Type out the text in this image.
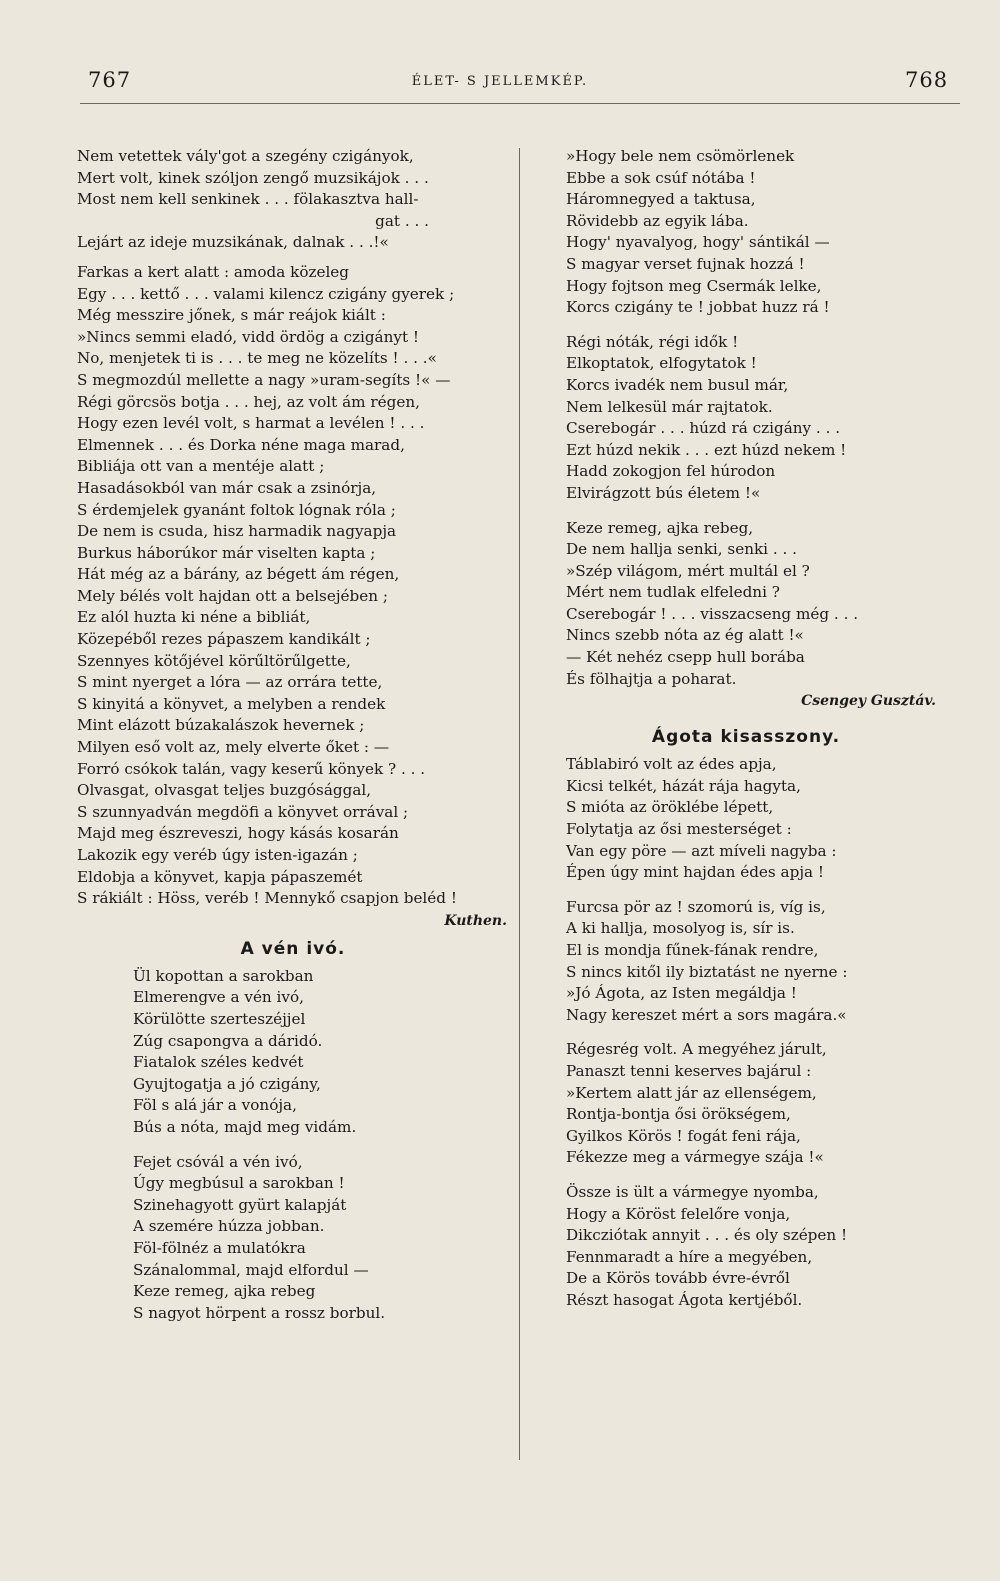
767	ÉLET- S JELLEMKÉP.	768
Nem vetettek vály'got a szegény czigányok,
Mert volt, kinek szóljon zengő muzsikájok . . .
Most nem kell senkinek . . . fölakasztva hall-
gat . . .
Lejárt az ideje muzsikának, dalnak . . .!«
Farkas a kert alatt : amoda közeleg
Egy . . . kettő . . . valami kilencz czigány gyerek ;
Még messzire jőnek, s már reájok kiált :
»Nincs semmi eladó, vidd ördög a czigányt !
No, menjetek ti is . . . te meg ne közelíts ! . . .«
S megmozdúl mellette a nagy »uram-segíts !« —
Régi görcsös botja . . . hej, az volt ám régen,
Hogy ezen levél volt, s harmat a levélen ! . . .
Elmennek . . . és Dorka néne maga marad,
Bibliája ott van a mentéje alatt ;
Hasadásokból van már csak a zsinórja,
S érdemjelek gyanánt foltok lógnak róla ;
De nem is csuda, hisz harmadik nagyapja
Burkus háborúkor már viselten kapta ;
Hát még az a bárány, az bégett ám régen,
Mely bélés volt hajdan ott a belsejében ;
Ez alól huzta ki néne a bibliát,
Közepéből rezes pápaszem kandikált ;
Szennyes kötőjével körűltörűlgette,
S mint nyerget a lóra — az orrára tette,
S kinyitá a könyvet, a melyben a rendek
Mint elázott búzakalászok hevernek ;
Milyen eső volt az, mely elverte őket : —
Forró csókok talán, vagy keserű könyek ? . . .
Olvasgat, olvasgat teljes buzgósággal,
S szunnyadván megdöfi a könyvet orrával ;
Majd meg észreveszi, hogy kásás kosarán
Lakozik egy veréb úgy isten-igazán ;
Eldobja a könyvet, kapja pápaszemét
S rákiált : Höss, veréb ! Mennykő csapjon beléd !
Kuthen.
A vén ivó.
Ül kopottan a sarokban
Elmerengve a vén ivó,
Körülötte szerteszéjjel
Zúg csapongva a dáridó.
Fiatalok széles kedvét
Gyujtogatja a jó czigány,
Föl s alá jár a vonója,
Bús a nóta, majd meg vidám.
Fejet csóvál a vén ivó,
Úgy megbúsul a sarokban !
Szinehagyott gyürt kalapját
A szemére húzza jobban.
Föl-fölnéz a mulatókra
Szánalommal, majd elfordul —
Keze remeg, ajka rebeg
S nagyot hörpent a rossz borbul.
»Hogy bele nem csömörlenek
Ebbe a sok csúf nótába !
Háromnegyed a taktusa,
Rövidebb az egyik lába.
Hogy' nyavalyog, hogy' sántikál —
S magyar verset fujnak hozzá !
Hogy fojtson meg Csermák lelke,
Korcs czigány te ! jobbat huzz rá !
Régi nóták, régi idők !
Elkoptatok, elfogytatok !
Korcs ivadék nem busul már,
Nem lelkesül már rajtatok.
Cserebogár . . . húzd rá czigány . . .
Ezt húzd nekik . . . ezt húzd nekem !
Hadd zokogjon fel húrodon
Elvirágzott bús életem !«
Keze remeg, ajka rebeg,
De nem hallja senki, senki . . .
»Szép világom, mért multál el ?
Mért nem tudlak elfeledni ?
Cserebogár ! . . . visszacseng még . . .
Nincs szebb nóta az ég alatt !«
— Két nehéz csepp hull borába
És fölhajtja a poharat.
Csengey Gusztáv.
Ágota kisasszony.
Táblabiró volt az édes apja,
Kicsi telkét, házát rája hagyta,
S mióta az öröklébe lépett,
Folytatja az ősi mesterséget :
Van egy pöre — azt míveli nagyba :
Épen úgy mint hajdan édes apja !
Furcsa pör az ! szomorú is, víg is,
A ki hallja, mosolyog is, sír is.
El is mondja fűnek-fának rendre,
S nincs kitől ily biztatást ne nyerne :
»Jó Ágota, az Isten megáldja !
Nagy kereszet mért a sors magára.«
Régesrég volt. A megyéhez járult,
Panaszt tenni keserves bajárul :
»Kertem alatt jár az ellenségem,
Rontja-bontja ősi örökségem,
Gyilkos Körös ! fogát feni rája,
Fékezze meg a vármegye szája !«
Össze is ült a vármegye nyomba,
Hogy a Köröst felelőre vonja,
Dikcziótak annyit . . . és oly szépen !
Fennmaradt a híre a megyében,
De a Körös tovább évre-évről
Részt hasogat Ágota kertjéből.
